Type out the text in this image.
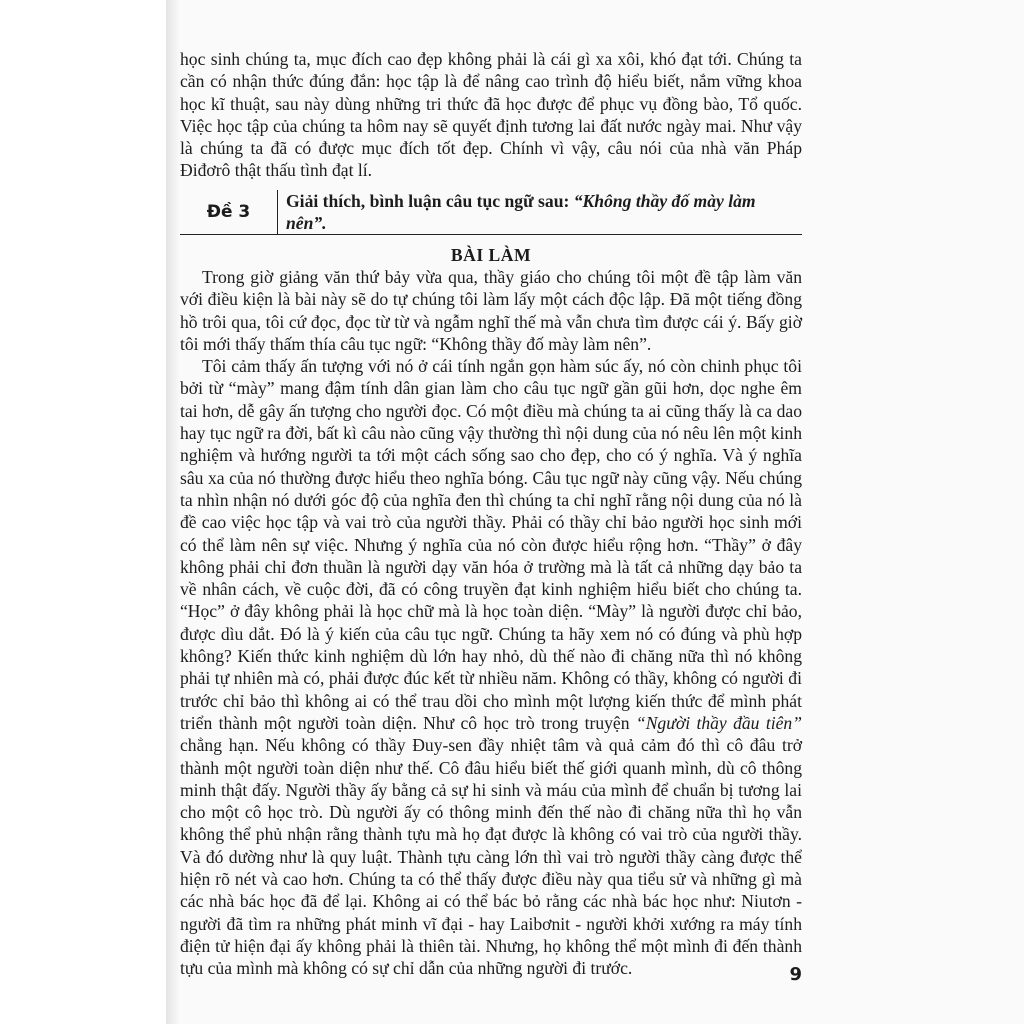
học sinh chúng ta, mục đích cao đẹp không phải là cái gì xa xôi, khó đạt tới. Chúng ta cần có nhận thức đúng đắn: học tập là để nâng cao trình độ hiểu biết, nắm vững khoa học kĩ thuật, sau này dùng những tri thức đã học được để phục vụ đồng bào, Tổ quốc. Việc học tập của chúng ta hôm nay sẽ quyết định tương lai đất nước ngày mai. Như vậy là chúng ta đã có được mục đích tốt đẹp. Chính vì vậy, câu nói của nhà văn Pháp Điđơrô thật thấu tình đạt lí.

Đề 3
Giải thích, bình luận câu tục ngữ sau: “Không thầy đố mày làm nên”.
BÀI LÀM

Trong giờ giảng văn thứ bảy vừa qua, thầy giáo cho chúng tôi một đề tập làm văn với điều kiện là bài này sẽ do tự chúng tôi làm lấy một cách độc lập. Đã một tiếng đồng hồ trôi qua, tôi cứ đọc, đọc từ từ và ngẫm nghĩ thế mà vẫn chưa tìm được cái ý. Bấy giờ tôi mới thấy thấm thía câu tục ngữ: “Không thầy đố mày làm nên”.

Tôi cảm thấy ấn tượng với nó ở cái tính ngắn gọn hàm súc ấy, nó còn chinh phục tôi bởi từ “mày” mang đậm tính dân gian làm cho câu tục ngữ gần gũi hơn, dọc nghe êm tai hơn, dễ gây ấn tượng cho người đọc. Có một điều mà chúng ta ai cũng thấy là ca dao hay tục ngữ ra đời, bất kì câu nào cũng vậy thường thì nội dung của nó nêu lên một kinh nghiệm và hướng người ta tới một cách sống sao cho đẹp, cho có ý nghĩa. Và ý nghĩa sâu xa của nó thường được hiểu theo nghĩa bóng. Câu tục ngữ này cũng vậy. Nếu chúng ta nhìn nhận nó dưới góc độ của nghĩa đen thì chúng ta chỉ nghĩ rằng nội dung của nó là đề cao việc học tập và vai trò của người thầy. Phải có thầy chỉ bảo người học sinh mới có thể làm nên sự việc. Nhưng ý nghĩa của nó còn được hiểu rộng hơn. “Thầy” ở đây không phải chỉ đơn thuần là người dạy văn hóa ở trường mà là tất cả những dạy bảo ta về nhân cách, về cuộc đời, đã có công truyền đạt kinh nghiệm hiểu biết cho chúng ta. “Học” ở đây không phải là học chữ mà là học toàn diện. “Mày” là người được chỉ bảo, được dìu dắt. Đó là ý kiến của câu tục ngữ. Chúng ta hãy xem nó có đúng và phù hợp không? Kiến thức kinh nghiệm dù lớn hay nhỏ, dù thế nào đi chăng nữa thì nó không phải tự nhiên mà có, phải được đúc kết từ nhiều năm. Không có thầy, không có người đi trước chỉ bảo thì không ai có thể trau dồi cho mình một lượng kiến thức để mình phát triển thành một người toàn diện. Như cô học trò trong truyện “Người thầy đầu tiên” chẳng hạn. Nếu không có thầy Đuy-sen đầy nhiệt tâm và quả cảm đó thì cô đâu trở thành một người toàn diện như thế. Cô đâu hiểu biết thế giới quanh mình, dù cô thông minh thật đấy. Người thầy ấy bằng cả sự hi sinh và máu của mình để chuẩn bị tương lai cho một cô học trò. Dù người ấy có thông minh đến thế nào đi chăng nữa thì họ vẫn không thể phủ nhận rằng thành tựu mà họ đạt được là không có vai trò của người thầy. Và đó dường như là quy luật. Thành tựu càng lớn thì vai trò người thầy càng được thể hiện rõ nét và cao hơn. Chúng ta có thể thấy được điều này qua tiểu sử và những gì mà các nhà bác học đã để lại. Không ai có thể bác bỏ rằng các nhà bác học như: Niutơn - người đã tìm ra những phát minh vĩ đại - hay Laibơnit - người khởi xướng ra máy tính điện tử hiện đại ấy không phải là thiên tài. Nhưng, họ không thể một mình đi đến thành tựu của mình mà không có sự chỉ dẫn của những người đi trước.	9
